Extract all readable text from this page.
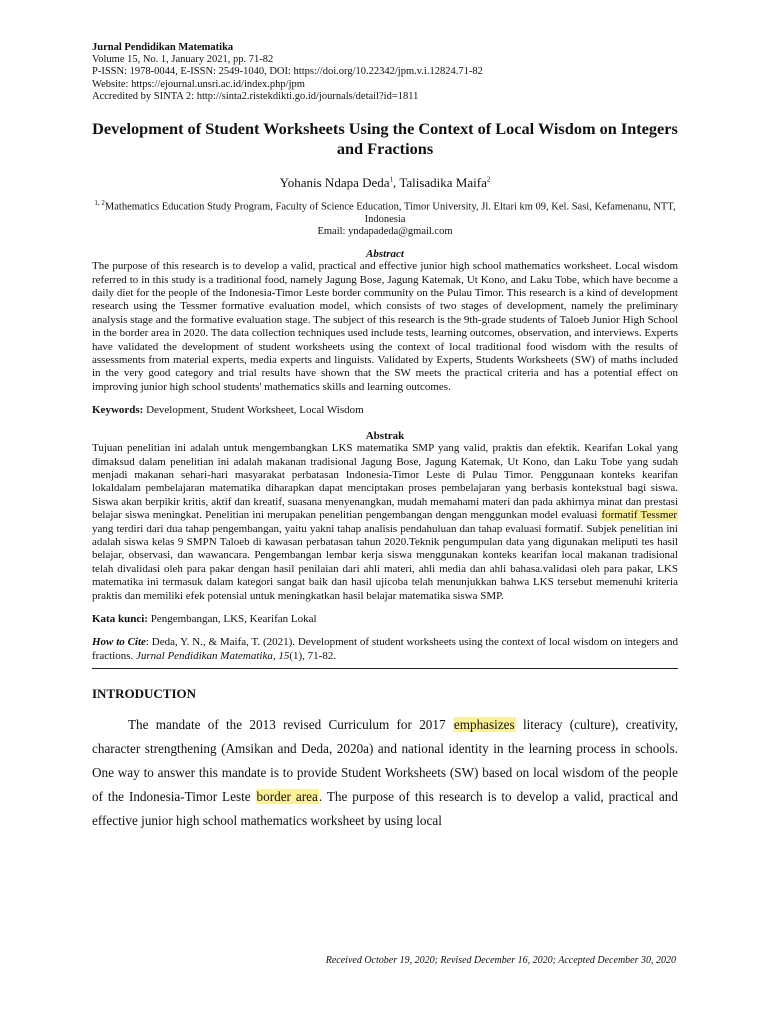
Jurnal Pendidikan Matematika
Volume 15, No. 1, January 2021, pp. 71-82
P-ISSN: 1978-0044, E-ISSN: 2549-1040, DOI: https://doi.org/10.22342/jpm.v.i.12824.71-82
Website: https://ejournal.unsri.ac.id/index.php/jpm
Accredited by SINTA 2: http://sinta2.ristekdikti.go.id/journals/detail?id=1811
Development of Student Worksheets Using the Context of Local Wisdom on Integers and Fractions
Yohanis Ndapa Deda$^1$, Talisadika Maifa$^2$
$^{1, 2}$Mathematics Education Study Program, Faculty of Science Education, Timor University, Jl. Eltari km 09, Kel. Sasi, Kefamenanu, NTT, Indonesia
Email: yndapadeda@gmail.com
Abstract
The purpose of this research is to develop a valid, practical and effective junior high school mathematics worksheet. Local wisdom referred to in this study is a traditional food, namely Jagung Bose, Jagung Katemak, Ut Kono, and Laku Tobe, which have become a daily diet for the people of the Indonesia-Timor Leste border community on the Pulau Timor. This research is a kind of development research using the Tessmer formative evaluation model, which consists of two stages of development, namely the preliminary analysis stage and the formative evaluation stage. The subject of this research is the 9th-grade students of Taloeb Junior High School in the border area in 2020. The data collection techniques used include tests, learning outcomes, observation, and interviews. Experts have validated the development of student worksheets using the context of local traditional food wisdom with the results of assessments from material experts, media experts and linguists. Validated by Experts, Students Worksheets (SW) of maths included in the very good category and trial results have shown that the SW meets the practical criteria and has a potential effect on improving junior high school students' mathematics skills and learning outcomes.
Keywords: Development, Student Worksheet, Local Wisdom
Abstrak
Tujuan penelitian ini adalah untuk mengembangkan LKS matematika SMP yang valid, praktis dan efektik. Kearifan Lokal yang dimaksud dalam penelitian ini adalah makanan tradisional Jagung Bose, Jagung Katemak, Ut Kono, dan Laku Tobe yang sudah menjadi makanan sehari-hari masyarakat perbatasan Indonesia-Timor Leste di Pulau Timor. Penggunaan konteks kearifan lokaldalam pembelajaran matematika diharapkan dapat menciptakan proses pembelajaran yang berbasis kontekstual bagi siswa. Siswa akan berpikir kritis, aktif dan kreatif, suasana menyenangkan, mudah memahami materi dan pada akhirnya minat dan prestasi belajar siswa meningkat. Penelitian ini merupakan penelitian pengembangan dengan menggunkan model evaluasi formatif Tessmer yang terdiri dari dua tahap pengembangan, yaitu yakni tahap analisis pendahuluan dan tahap evaluasi formatif. Subjek penelitian ini adalah siswa kelas 9 SMPN Taloeb di kawasan perbatasan tahun 2020.Teknik pengumpulan data yang digunakan meliputi tes hasil belajar, observasi, dan wawancara. Pengembangan lembar kerja siswa menggunakan konteks kearifan local makanan tradisional telah divalidasi oleh para pakar dengan hasil penilaian dari ahli materi, ahli media dan ahli bahasa.validasi oleh para pakar, LKS matematika ini termasuk dalam kategori sangat baik dan hasil ujicoba telah menunjukkan bahwa LKS tersebut memenuhi kriteria praktis dan memiliki efek potensial untuk meningkatkan hasil belajar matematika siswa SMP.
Kata kunci: Pengembangan, LKS, Kearifan Lokal
How to Cite: Deda, Y. N., & Maifa, T. (2021). Development of student worksheets using the context of local wisdom on integers and fractions. Jurnal Pendidikan Matematika, 15(1), 71-82.
INTRODUCTION
The mandate of the 2013 revised Curriculum for 2017 emphasizes literacy (culture), creativity, character strengthening (Amsikan and Deda, 2020a) and national identity in the learning process in schools. One way to answer this mandate is to provide Student Worksheets (SW) based on local wisdom of the people of the Indonesia-Timor Leste border area. The purpose of this research is to develop a valid, practical and effective junior high school mathematics worksheet by using local
Received October 19, 2020; Revised December 16, 2020; Accepted December 30, 2020
